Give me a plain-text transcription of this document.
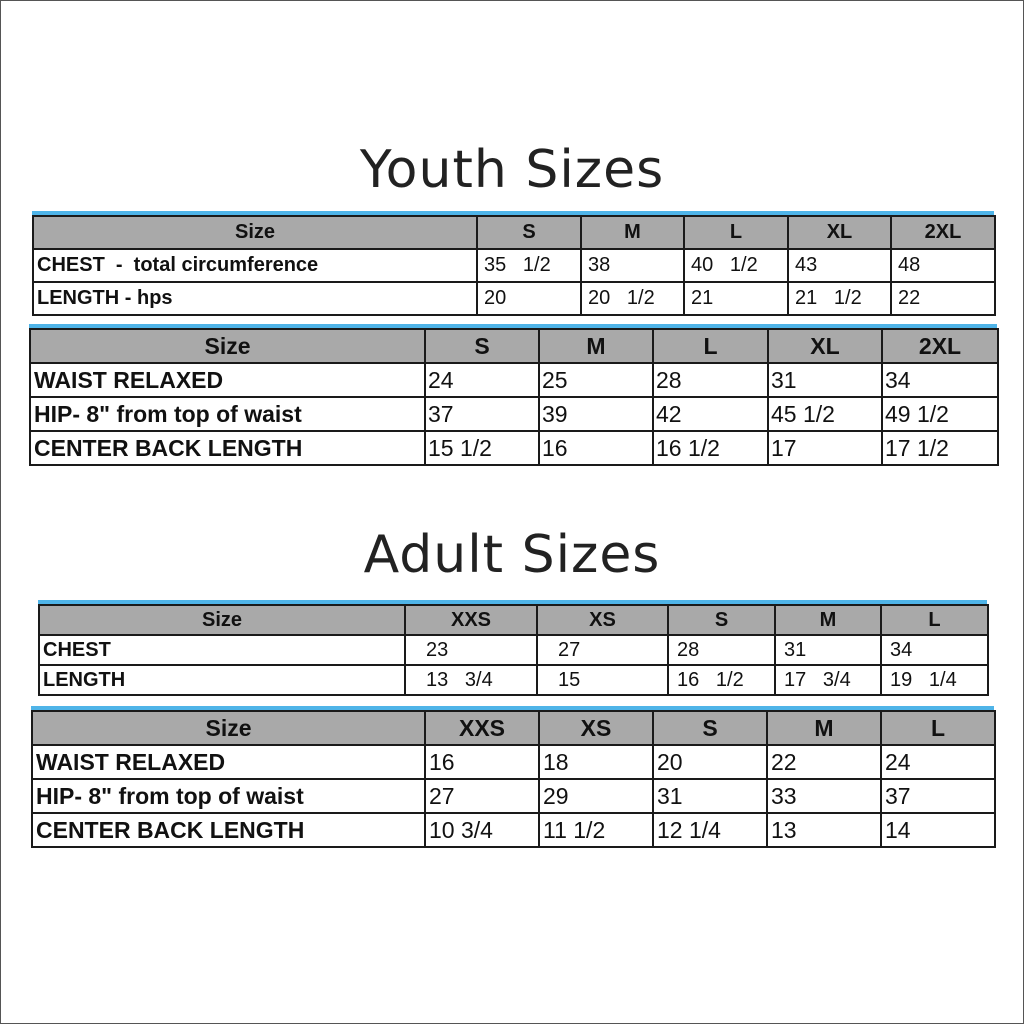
Youth Sizes
Size	S	M	L	XL	2XL
CHEST  -  total circumference	35   1/2	38	40   1/2	43	48
LENGTH - hps	20	20   1/2	21	21   1/2	22
Size	S	M	L	XL	2XL
WAIST RELAXED	24	25	28	31	34
HIP- 8" from top of waist	37	39	42	45 1/2	49 1/2
CENTER BACK LENGTH	15 1/2	16	16 1/2	17	17 1/2
Adult Sizes
Size	XXS	XS	S	M	L
CHEST	23	27	28	31	34
LENGTH	13   3/4	15	16   1/2	17   3/4	19   1/4
Size	XXS	XS	S	M	L
WAIST RELAXED	16	18	20	22	24
HIP- 8" from top of waist	27	29	31	33	37
CENTER BACK LENGTH	10 3/4	11 1/2	12 1/4	13	14
